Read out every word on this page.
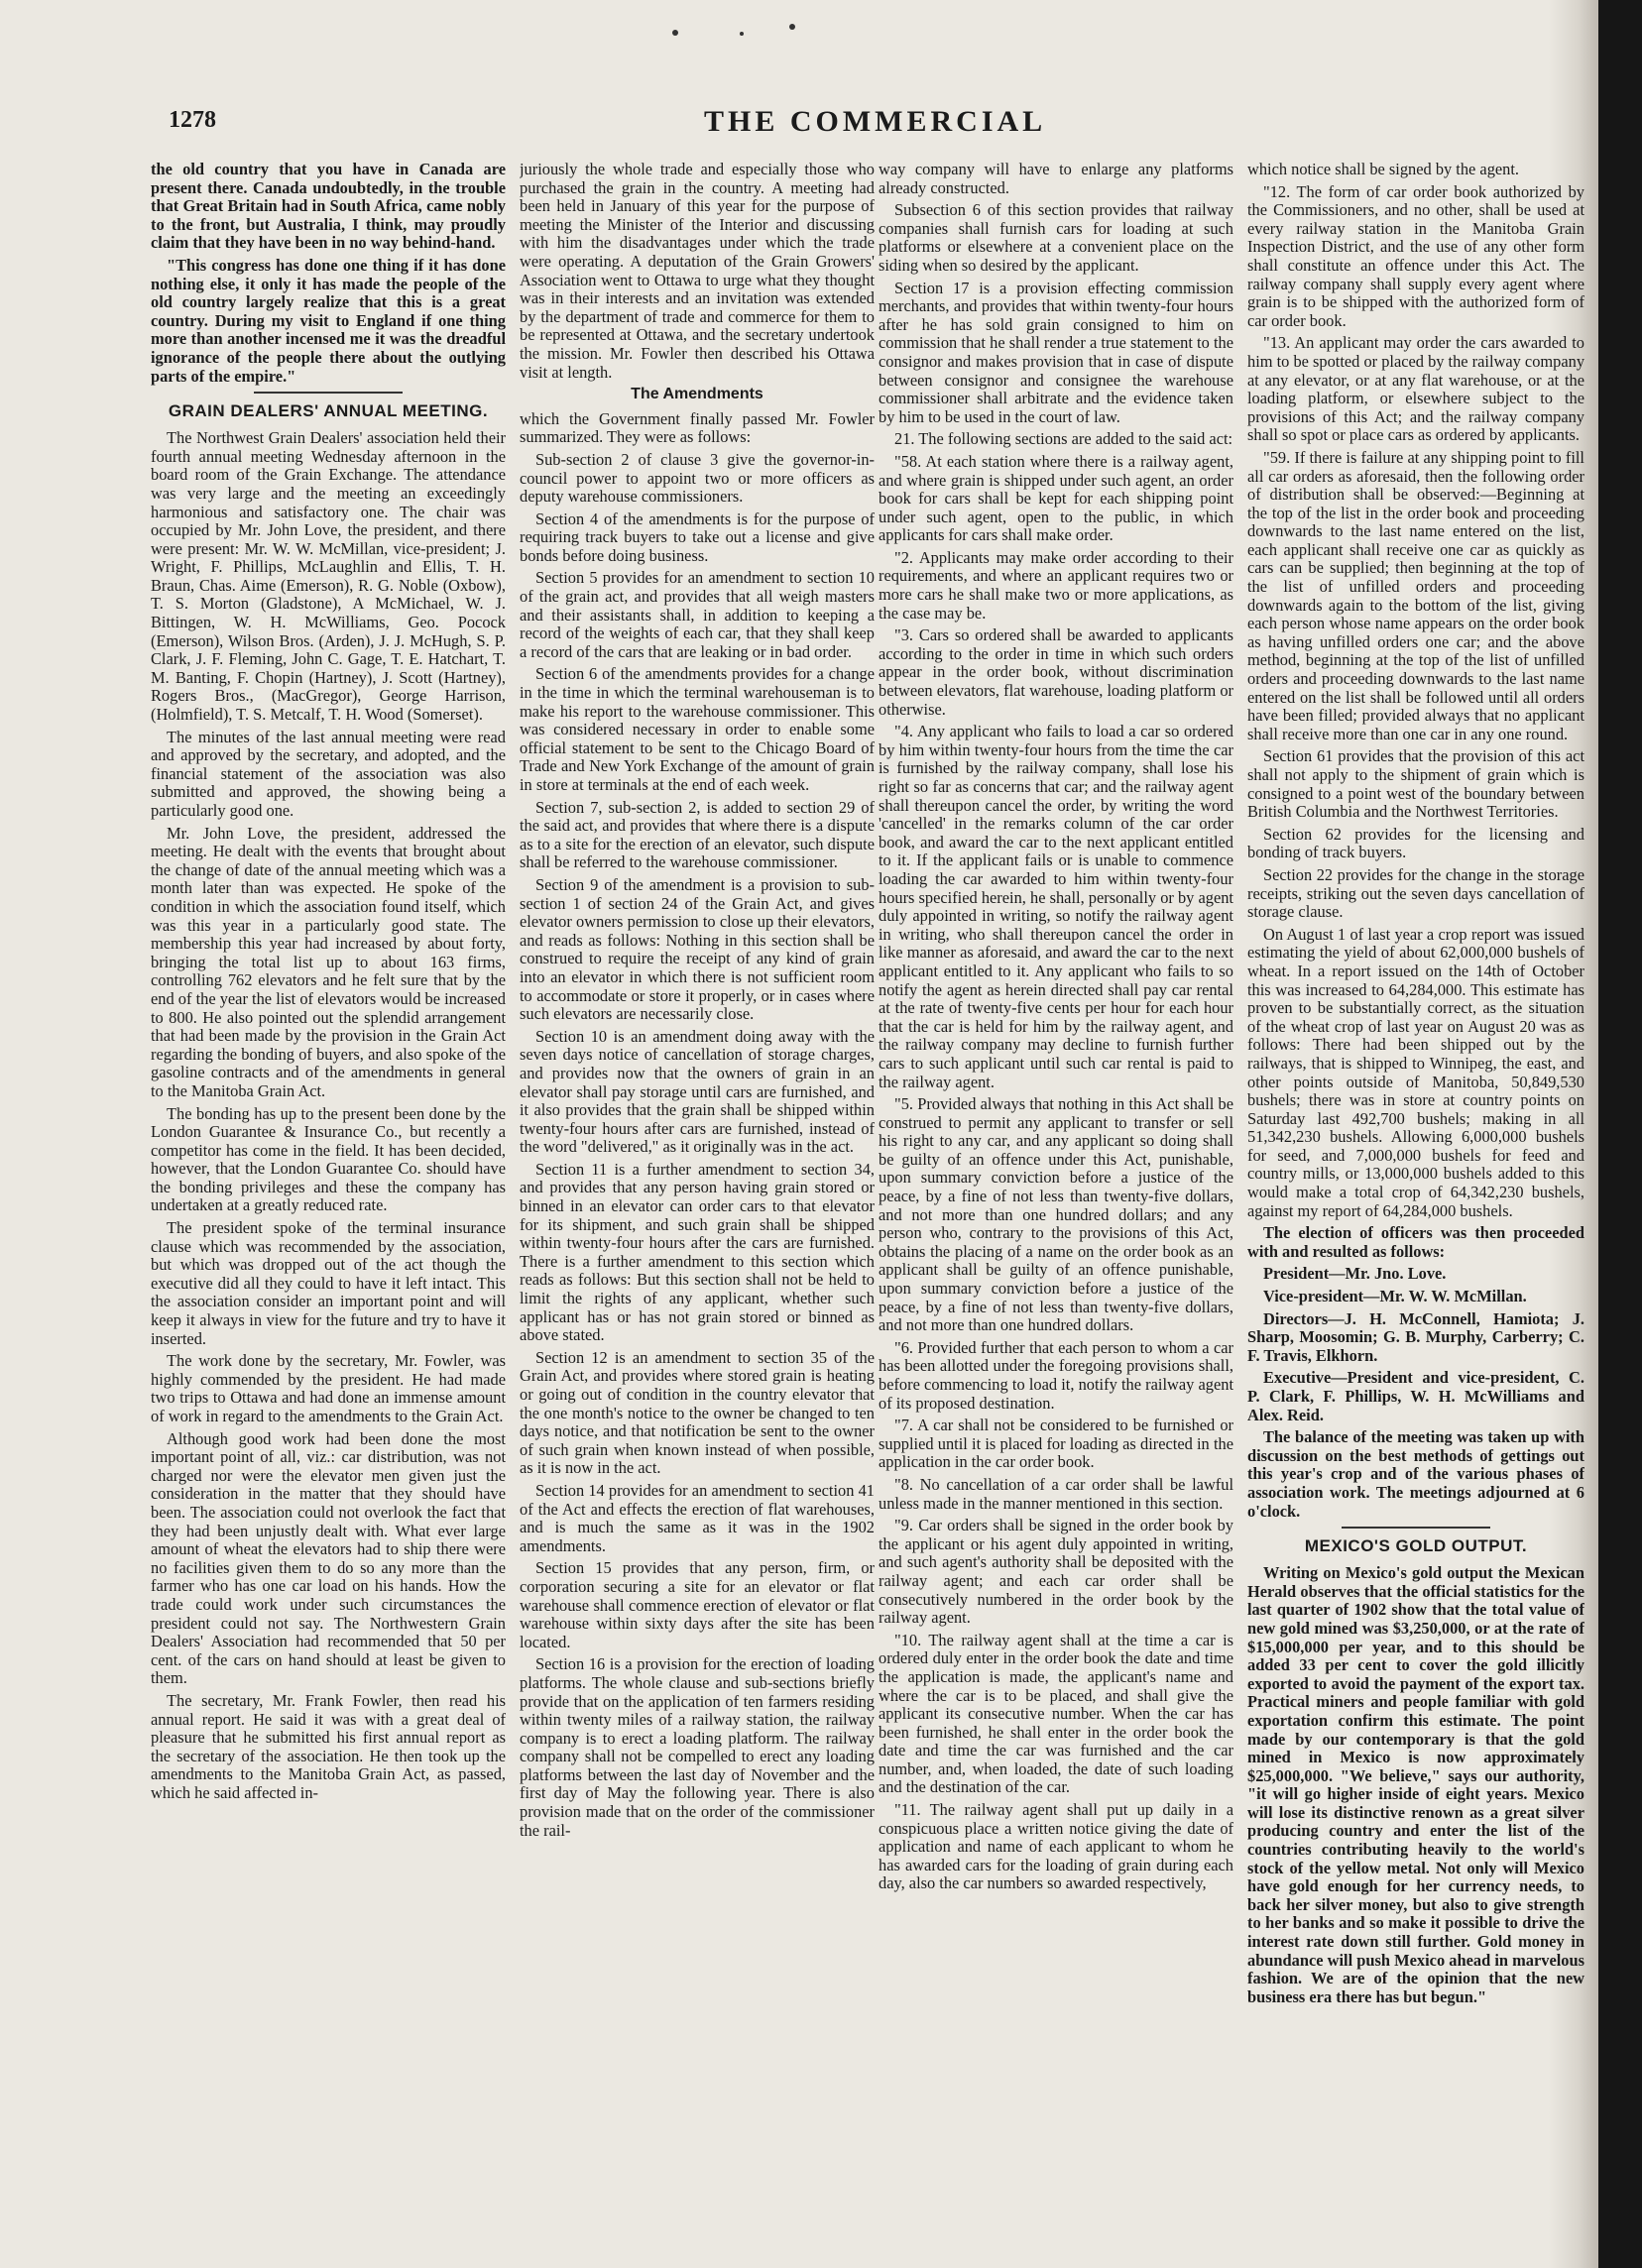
1278	THE COMMERCIAL

the old country that you have in Canada are present there. Canada undoubtedly, in the trouble that Great Britain had in South Africa, came nobly to the front, but Australia, I think, may proudly claim that they have been in no way behind-hand.

"This congress has done one thing if it has done nothing else, it only it has made the people of the old country largely realize that this is a great country. During my visit to England if one thing more than another incensed me it was the dreadful ignorance of the people there about the outlying parts of the empire."

GRAIN DEALERS' ANNUAL MEETING.

The Northwest Grain Dealers' association held their fourth annual meeting Wednesday afternoon in the board room of the Grain Exchange. The attendance was very large and the meeting an exceedingly harmonious and satisfactory one. The chair was occupied by Mr. John Love, the president, and there were present: Mr. W. W. McMillan, vice-president; J. Wright, F. Phillips, McLaughlin and Ellis, T. H. Braun, Chas. Aime (Emerson), R. G. Noble (Oxbow), T. S. Morton (Gladstone), A McMichael, W. J. Bittingen, W. H. McWilliams, Geo. Pocock (Emerson), Wilson Bros. (Arden), J. J. McHugh, S. P. Clark, J. F. Fleming, John C. Gage, T. E. Hatchart, T. M. Banting, F. Chopin (Hartney), J. Scott (Hartney), Rogers Bros., (MacGregor), George Harrison, (Holmfield), T. S. Metcalf, T. H. Wood (Somerset).

The minutes of the last annual meeting were read and approved by the secretary, and adopted, and the financial statement of the association was also submitted and approved, the showing being a particularly good one.

Mr. John Love, the president, addressed the meeting. He dealt with the events that brought about the change of date of the annual meeting which was a month later than was expected. He spoke of the condition in which the association found itself, which was this year in a particularly good state. The membership this year had increased by about forty, bringing the total list up to about 163 firms, controlling 762 elevators and he felt sure that by the end of the year the list of elevators would be increased to 800. He also pointed out the splendid arrangement that had been made by the provision in the Grain Act regarding the bonding of buyers, and also spoke of the gasoline contracts and of the amendments in general to the Manitoba Grain Act.

The bonding has up to the present been done by the London Guarantee & Insurance Co., but recently a competitor has come in the field. It has been decided, however, that the London Guarantee Co. should have the bonding privileges and these the company has undertaken at a greatly reduced rate.

The president spoke of the terminal insurance clause which was recommended by the association, but which was dropped out of the act though the executive did all they could to have it left intact. This the association consider an important point and will keep it always in view for the future and try to have it inserted.

The work done by the secretary, Mr. Fowler, was highly commended by the president. He had made two trips to Ottawa and had done an immense amount of work in regard to the amendments to the Grain Act.

Although good work had been done the most important point of all, viz.: car distribution, was not charged nor were the elevator men given just the consideration in the matter that they should have been. The association could not overlook the fact that they had been unjustly dealt with. What ever large amount of wheat the elevators had to ship there were no facilities given them to do so any more than the farmer who has one car load on his hands. How the trade could work under such circumstances the president could not say. The Northwestern Grain Dealers' Association had recommended that 50 per cent. of the cars on hand should at least be given to them.

The secretary, Mr. Frank Fowler, then read his annual report. He said it was with a great deal of pleasure that he submitted his first annual report as the secretary of the association. He then took up the amendments to the Manitoba Grain Act, as passed, which he said affected in-

juriously the whole trade and especially those who purchased the grain in the country. A meeting had been held in January of this year for the purpose of meeting the Minister of the Interior and discussing with him the disadvantages under which the trade were operating. A deputation of the Grain Growers' Association went to Ottawa to urge what they thought was in their interests and an invitation was extended by the department of trade and commerce for them to be represented at Ottawa, and the secretary undertook the mission. Mr. Fowler then described his Ottawa visit at length.

The Amendments

which the Government finally passed Mr. Fowler summarized. They were as follows:

Sub-section 2 of clause 3 give the governor-in-council power to appoint two or more officers as deputy warehouse commissioners.

Section 4 of the amendments is for the purpose of requiring track buyers to take out a license and give bonds before doing business.

Section 5 provides for an amendment to section 10 of the grain act, and provides that all weigh masters and their assistants shall, in addition to keeping a record of the weights of each car, that they shall keep a record of the cars that are leaking or in bad order.

Section 6 of the amendments provides for a change in the time in which the terminal warehouseman is to make his report to the warehouse commissioner. This was considered necessary in order to enable some official statement to be sent to the Chicago Board of Trade and New York Exchange of the amount of grain in store at terminals at the end of each week.

Section 7, sub-section 2, is added to section 29 of the said act, and provides that where there is a dispute as to a site for the erection of an elevator, such dispute shall be referred to the warehouse commissioner.

Section 9 of the amendment is a provision to sub-section 1 of section 24 of the Grain Act, and gives elevator owners permission to close up their elevators, and reads as follows: Nothing in this section shall be construed to require the receipt of any kind of grain into an elevator in which there is not sufficient room to accommodate or store it properly, or in cases where such elevators are necessarily close.

Section 10 is an amendment doing away with the seven days notice of cancellation of storage charges, and provides now that the owners of grain in an elevator shall pay storage until cars are furnished, and it also provides that the grain shall be shipped within twenty-four hours after cars are furnished, instead of the word "delivered," as it originally was in the act.

Section 11 is a further amendment to section 34, and provides that any person having grain stored or binned in an elevator can order cars to that elevator for its shipment, and such grain shall be shipped within twenty-four hours after the cars are furnished. There is a further amendment to this section which reads as follows: But this section shall not be held to limit the rights of any applicant, whether such applicant has or has not grain stored or binned as above stated.

Section 12 is an amendment to section 35 of the Grain Act, and provides where stored grain is heating or going out of condition in the country elevator that the one month's notice to the owner be changed to ten days notice, and that notification be sent to the owner of such grain when known instead of when possible, as it is now in the act.

Section 14 provides for an amendment to section 41 of the Act and effects the erection of flat warehouses, and is much the same as it was in the 1902 amendments.

Section 15 provides that any person, firm, or corporation securing a site for an elevator or flat warehouse shall commence erection of elevator or flat warehouse within sixty days after the site has been located.

Section 16 is a provision for the erection of loading platforms. The whole clause and sub-sections briefly provide that on the application of ten farmers residing within twenty miles of a railway station, the railway company is to erect a loading platform. The railway company shall not be compelled to erect any loading platforms between the last day of November and the first day of May the following year. There is also provision made that on the order of the commissioner the rail-

way company will have to enlarge any platforms already constructed.

Subsection 6 of this section provides that railway companies shall furnish cars for loading at such platforms or elsewhere at a convenient place on the siding when so desired by the applicant.

Section 17 is a provision effecting commission merchants, and provides that within twenty-four hours after he has sold grain consigned to him on commission that he shall render a true statement to the consignor and makes provision that in case of dispute between consignor and consignee the warehouse commissioner shall arbitrate and the evidence taken by him to be used in the court of law.

21. The following sections are added to the said act:

"58. At each station where there is a railway agent, and where grain is shipped under such agent, an order book for cars shall be kept for each shipping point under such agent, open to the public, in which applicants for cars shall make order.

"2. Applicants may make order according to their requirements, and where an applicant requires two or more cars he shall make two or more applications, as the case may be.

"3. Cars so ordered shall be awarded to applicants according to the order in time in which such orders appear in the order book, without discrimination between elevators, flat warehouse, loading platform or otherwise.

"4. Any applicant who fails to load a car so ordered by him within twenty-four hours from the time the car is furnished by the railway company, shall lose his right so far as concerns that car; and the railway agent shall thereupon cancel the order, by writing the word 'cancelled' in the remarks column of the car order book, and award the car to the next applicant entitled to it. If the applicant fails or is unable to commence loading the car awarded to him within twenty-four hours specified herein, he shall, personally or by agent duly appointed in writing, so notify the railway agent in writing, who shall thereupon cancel the order in like manner as aforesaid, and award the car to the next applicant entitled to it. Any applicant who fails to so notify the agent as herein directed shall pay car rental at the rate of twenty-five cents per hour for each hour that the car is held for him by the railway agent, and the railway company may decline to furnish further cars to such applicant until such car rental is paid to the railway agent.

"5. Provided always that nothing in this Act shall be construed to permit any applicant to transfer or sell his right to any car, and any applicant so doing shall be guilty of an offence under this Act, punishable, upon summary conviction before a justice of the peace, by a fine of not less than twenty-five dollars, and not more than one hundred dollars; and any person who, contrary to the provisions of this Act, obtains the placing of a name on the order book as an applicant shall be guilty of an offence punishable, upon summary conviction before a justice of the peace, by a fine of not less than twenty-five dollars, and not more than one hundred dollars.

"6. Provided further that each person to whom a car has been allotted under the foregoing provisions shall, before commencing to load it, notify the railway agent of its proposed destination.

"7. A car shall not be considered to be furnished or supplied until it is placed for loading as directed in the application in the car order book.

"8. No cancellation of a car order shall be lawful unless made in the manner mentioned in this section.

"9. Car orders shall be signed in the order book by the applicant or his agent duly appointed in writing, and such agent's authority shall be deposited with the railway agent; and each car order shall be consecutively numbered in the order book by the railway agent.

"10. The railway agent shall at the time a car is ordered duly enter in the order book the date and time the application is made, the applicant's name and where the car is to be placed, and shall give the applicant its consecutive number. When the car has been furnished, he shall enter in the order book the date and time the car was furnished and the car number, and, when loaded, the date of such loading and the destination of the car.

"11. The railway agent shall put up daily in a conspicuous place a written notice giving the date of application and name of each applicant to whom he has awarded cars for the loading of grain during each day, also the car numbers so awarded respectively,

which notice shall be signed by the agent.

"12. The form of car order book authorized by the Commissioners, and no other, shall be used at every railway station in the Manitoba Grain Inspection District, and the use of any other form shall constitute an offence under this Act. The railway company shall supply every agent where grain is to be shipped with the authorized form of car order book.

"13. An applicant may order the cars awarded to him to be spotted or placed by the railway company at any elevator, or at any flat warehouse, or at the loading platform, or elsewhere subject to the provisions of this Act; and the railway company shall so spot or place cars as ordered by applicants.

"59. If there is failure at any shipping point to fill all car orders as aforesaid, then the following order of distribution shall be observed:—Beginning at the top of the list in the order book and proceeding downwards to the last name entered on the list, each applicant shall receive one car as quickly as cars can be supplied; then beginning at the top of the list of unfilled orders and proceeding downwards again to the bottom of the list, giving each person whose name appears on the order book as having unfilled orders one car; and the above method, beginning at the top of the list of unfilled orders and proceeding downwards to the last name entered on the list shall be followed until all orders have been filled; provided always that no applicant shall receive more than one car in any one round.

Section 61 provides that the provision of this act shall not apply to the shipment of grain which is consigned to a point west of the boundary between British Columbia and the Northwest Territories.

Section 62 provides for the licensing and bonding of track buyers.

Section 22 provides for the change in the storage receipts, striking out the seven days cancellation of storage clause.

On August 1 of last year a crop report was issued estimating the yield of about 62,000,000 bushels of wheat. In a report issued on the 14th of October this was increased to 64,284,000. This estimate has proven to be substantially correct, as the situation of the wheat crop of last year on August 20 was as follows: There had been shipped out by the railways, that is shipped to Winnipeg, the east, and other points outside of Manitoba, 50,849,530 bushels; there was in store at country points on Saturday last 492,700 bushels; making in all 51,342,230 bushels. Allowing 6,000,000 bushels for seed, and 7,000,000 bushels for feed and country mills, or 13,000,000 bushels added to this would make a total crop of 64,342,230 bushels, against my report of 64,284,000 bushels.

The election of officers was then proceeded with and resulted as follows:

President—Mr. Jno. Love.

Vice-president—Mr. W. W. McMillan.

Directors—J. H. McConnell, Hamiota; J. Sharp, Moosomin; G. B. Murphy, Carberry; C. F. Travis, Elkhorn.

Executive—President and vice-president, C. P. Clark, F. Phillips, W. H. McWilliams and Alex. Reid.

The balance of the meeting was taken up with discussion on the best methods of gettings out this year's crop and of the various phases of association work. The meetings adjourned at 6 o'clock.

MEXICO'S GOLD OUTPUT.

Writing on Mexico's gold output the Mexican Herald observes that the official statistics for the last quarter of 1902 show that the total value of new gold mined was $3,250,000, or at the rate of $15,000,000 per year, and to this should be added 33 per cent to cover the gold illicitly exported to avoid the payment of the export tax. Practical miners and people familiar with gold exportation confirm this estimate. The point made by our contemporary is that the gold mined in Mexico is now approximately $25,000,000. "We believe," says our authority, "it will go higher inside of eight years. Mexico will lose its distinctive renown as a great silver producing country and enter the list of the countries contributing heavily to the world's stock of the yellow metal. Not only will Mexico have gold enough for her currency needs, to back her silver money, but also to give strength to her banks and so make it possible to drive the interest rate down still further. Gold money in abundance will push Mexico ahead in marvelous fashion. We are of the opinion that the new business era there has but begun."
